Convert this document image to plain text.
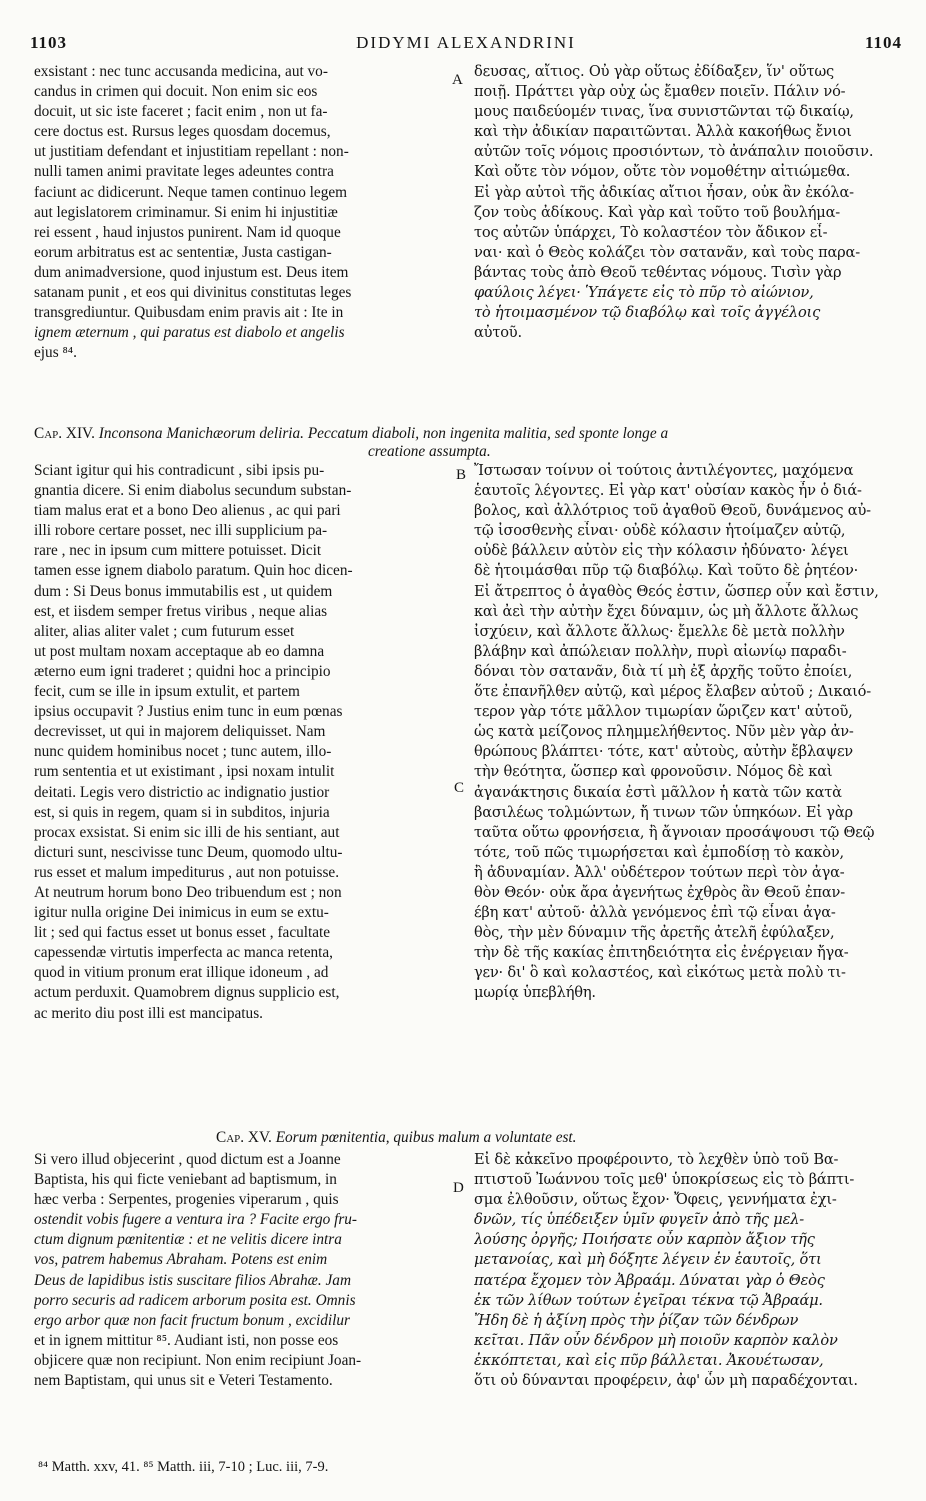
1103	DIDYMI ALEXANDRINI	1104
exsistant : nec tunc accusanda medicina, aut vo-
candus in crimen qui docuit. Non enim sic eos
docuit, ut sic iste faceret ; facit enim , non ut fa-
cere doctus est. Rursus leges quosdam docemus,
ut justitiam defendant et injustitiam repellant : non-
nulli tamen animi pravitate leges adeuntes contra
faciunt ac didicerunt. Neque tamen continuo legem
aut legislatorem criminamur. Si enim hi injustitiæ
rei essent , haud injustos punirent. Nam id quoque
eorum arbitratus est ac sententiæ, Justa castigan-
dum animadversione, quod injustum est. Deus item
satanam punit , et eos qui divinitus constitutas leges
transgrediuntur. Quibusdam enim pravis ait : Ite in
ignem æternum , qui paratus est diabolo et angelis
ejus ⁸⁴.
A δευσας, αἴτιος. Οὐ γὰρ οὕτως ἐδίδαξεν, ἵν' οὕτως
ποιῇ. Πράττει γὰρ οὐχ ὡς ἔμαθεν ποιεῖν. Πάλιν νό-
μους παιδεύομέν τινας, ἵνα συνιστῶνται τῷ δικαίῳ,
καὶ τὴν ἀδικίαν παραιτῶνται. Ἀλλὰ κακοήθως ἔνιοι
αὐτῶν τοῖς νόμοις προσιόντων, τὸ ἀνάπαλιν ποιοῦσιν.
Καὶ οὔτε τὸν νόμον, οὔτε τὸν νομοθέτην αἰτιώμεθα.
Εἰ γὰρ αὐτοὶ τῆς ἀδικίας αἴτιοι ἦσαν, οὐκ ἂν ἐκόλα-
ζον τοὺς ἀδίκους. Καὶ γὰρ καὶ τοῦτο τοῦ βουλήμα-
τος αὐτῶν ὑπάρχει, Τὸ κολαστέον τὸν ἄδικον εἶ-
ναι· καὶ ὁ Θεὸς κολάζει τὸν σατανᾶν, καὶ τοὺς παρα-
βάντας τοὺς ἀπὸ Θεοῦ τεθέντας νόμους. Τισὶν γὰρ
φαύλοις λέγει· Ὑπάγετε εἰς τὸ πῦρ τὸ αἰώνιον,
τὸ ἡτοιμασμένον τῷ διαβόλῳ καὶ τοῖς ἀγγέλοις
αὐτοῦ.
Cap. XIV. Inconsona Manichæorum deliria. Peccatum diaboli, non ingenita malitia, sed sponte longe a
creatione assumpta.
Sciant igitur qui his contradicunt , sibi ipsis pu-
gnantia dicere. Si enim diabolus secundum substan-
tiam malus erat et a bono Deo alienus , ac qui pari
illi robore certare posset, nec illi supplicium pa-
rare , nec in ipsum cum mittere potuisset. Dicit
tamen esse ignem diabolo paratum. Quin hoc dicen-
dum : Si Deus bonus immutabilis est , ut quidem
est, et iisdem semper fretus viribus , neque alias
aliter, alias aliter valet ; cum futurum esset
ut post multam noxam acceptaque ab eo damna
æterno eum igni traderet ; quidni hoc a principio
fecit, cum se ille in ipsum extulit, et partem
ipsius occupavit ? Justius enim tunc in eum pœnas
decrevisset, ut qui in majorem deliquisset. Nam
nunc quidem hominibus nocet ; tunc autem, illo-
rum sententia et ut existimant , ipsi noxam intulit
deitati. Legis vero districtio ac indignatio justior
est, si quis in regem, quam si in subditos, injuria
procax exsistat. Si enim sic illi de his sentiant, aut
dicturi sunt, nescivisse tunc Deum, quomodo ultu-
rus esset et malum impediturus , aut non potuisse.
At neutrum horum bono Deo tribuendum est ; non
igitur nulla origine Dei inimicus in eum se extu-
lit ; sed qui factus esset ut bonus esset , facultate
capessendæ virtutis imperfecta ac manca retenta,
quod in vitium pronum erat illique idoneum , ad
actum perduxit. Quamobrem dignus supplicio est,
ac merito diu post illi est mancipatus.
B
C
Ἴστωσαν τοίνυν οἱ τούτοις ἀντιλέγοντες, μαχόμενα
ἑαυτοῖς λέγοντες. Εἰ γὰρ κατ' οὐσίαν κακὸς ἦν ὁ διά-
βολος, καὶ ἀλλότριος τοῦ ἀγαθοῦ Θεοῦ, δυνάμενος αὐ-
τῷ ἰσοσθενὴς εἶναι· οὐδὲ κόλασιν ἡτοίμαζεν αὐτῷ,
οὐδὲ βάλλειν αὐτὸν εἰς τὴν κόλασιν ἠδύνατο· λέγει
δὲ ἡτοιμάσθαι πῦρ τῷ διαβόλῳ. Καὶ τοῦτο δὲ ῥητέον·
Εἰ ἄτρεπτος ὁ ἀγαθὸς Θεός ἐστιν, ὥσπερ οὖν καὶ ἔστιν,
καὶ ἀεὶ τὴν αὐτὴν ἔχει δύναμιν, ὡς μὴ ἄλλοτε ἄλλως
ἰσχύειν, καὶ ἄλλοτε ἄλλως· ἔμελλε δὲ μετὰ πολλὴν
βλάβην καὶ ἀπώλειαν πολλὴν, πυρὶ αἰωνίῳ παραδι-
δόναι τὸν σατανᾶν, διὰ τί μὴ ἐξ ἀρχῆς τοῦτο ἐποίει,
ὅτε ἐπανῆλθεν αὐτῷ, καὶ μέρος ἔλαβεν αὐτοῦ ; Δικαιό-
τερον γὰρ τότε μᾶλλον τιμωρίαν ὥριζεν κατ' αὐτοῦ,
ὡς κατὰ μείζονος πλημμελήθεντος. Νῦν μὲν γὰρ ἀν-
θρώπους βλάπτει· τότε, κατ' αὐτοὺς, αὐτὴν ἔβλαψεν
τὴν θεότητα, ὥσπερ καὶ φρονοῦσιν. Νόμος δὲ καὶ
ἀγανάκτησις δικαία ἐστὶ μᾶλλον ἡ κατὰ τῶν κατὰ
βασιλέως τολμώντων, ἤ τινων τῶν ὑπηκόων. Εἰ γὰρ
ταῦτα οὕτω φρονήσεια, ἢ ἄγνοιαν προσάψουσι τῷ Θεῷ
τότε, τοῦ πῶς τιμωρήσεται καὶ ἐμποδίσῃ τὸ κακὸν,
ἢ ἀδυναμίαν. Ἀλλ' οὐδέτερον τούτων περὶ τὸν ἀγα-
θὸν Θεόν· οὐκ ἄρα ἀγενήτως ἐχθρὸς ἂν Θεοῦ ἐπαν-
έβη κατ' αὐτοῦ· ἀλλὰ γενόμενος ἐπὶ τῷ εἶναι ἀγα-
θὸς, τὴν μὲν δύναμιν τῆς ἀρετῆς ἀτελῆ ἐφύλαξεν,
τὴν δὲ τῆς κακίας ἐπιτηδειότητα εἰς ἐνέργειαν ἤγα-
γεν· δι' ὃ καὶ κολαστέος, καὶ εἰκότως μετὰ πολὺ τι-
μωρίᾳ ὑπεβλήθη.
Cap. XV. Eorum pœnitentia, quibus malum a voluntate est.
Si vero illud objecerint , quod dictum est a Joanne
Baptista, his qui ficte veniebant ad baptismum, in
hæc verba : Serpentes, progenies viperarum , quis
ostendit vobis fugere a ventura ira ? Facite ergo fru-
ctum dignum pœnitentiæ : et ne velitis dicere intra
vos, patrem habemus Abraham. Potens est enim
Deus de lapidibus istis suscitare filios Abrahæ. Jam
porro securis ad radicem arborum posita est. Omnis
ergo arbor quæ non facit fructum bonum , excidilur
et in ignem mittitur ⁸⁵. Audiant isti, non posse eos
objicere quæ non recipiunt. Non enim recipiunt Joan-
nem Baptistam, qui unus sit e Veteri Testamento.
D
Εἰ δὲ κἀκεῖνο προφέροιντο, τὸ λεχθὲν ὑπὸ τοῦ Βα-
πτιστοῦ Ἰωάννου τοῖς μεθ' ὑποκρίσεως εἰς τὸ βάπτι-
σμα ἐλθοῦσιν, οὕτως ἔχον· Ὄφεις, γεννήματα ἐχι-
δνῶν, τίς ὑπέδειξεν ὑμῖν φυγεῖν ἀπὸ τῆς μελ-
λούσης ὀργῆς; Ποιήσατε οὖν καρπὸν ἄξιον τῆς
μετανοίας, καὶ μὴ δόξητε λέγειν ἐν ἑαυτοῖς, ὅτι
πατέρα ἔχομεν τὸν Ἀβραάμ. Δύναται γὰρ ὁ Θεὸς
ἐκ τῶν λίθων τούτων ἐγεῖραι τέκνα τῷ Ἀβραάμ.
Ἤδη δὲ ἡ ἀξίνη πρὸς τὴν ῥίζαν τῶν δένδρων
κεῖται. Πᾶν οὖν δένδρον μὴ ποιοῦν καρπὸν καλὸν
ἐκκόπτεται, καὶ εἰς πῦρ βάλλεται. Ἀκουέτωσαν,
ὅτι οὐ δύνανται προφέρειν, ἀφ' ὧν μὴ παραδέχονται.
⁸⁴ Matth. xxv, 41. ⁸⁵ Matth. iii, 7-10 ; Luc. iii, 7-9.
